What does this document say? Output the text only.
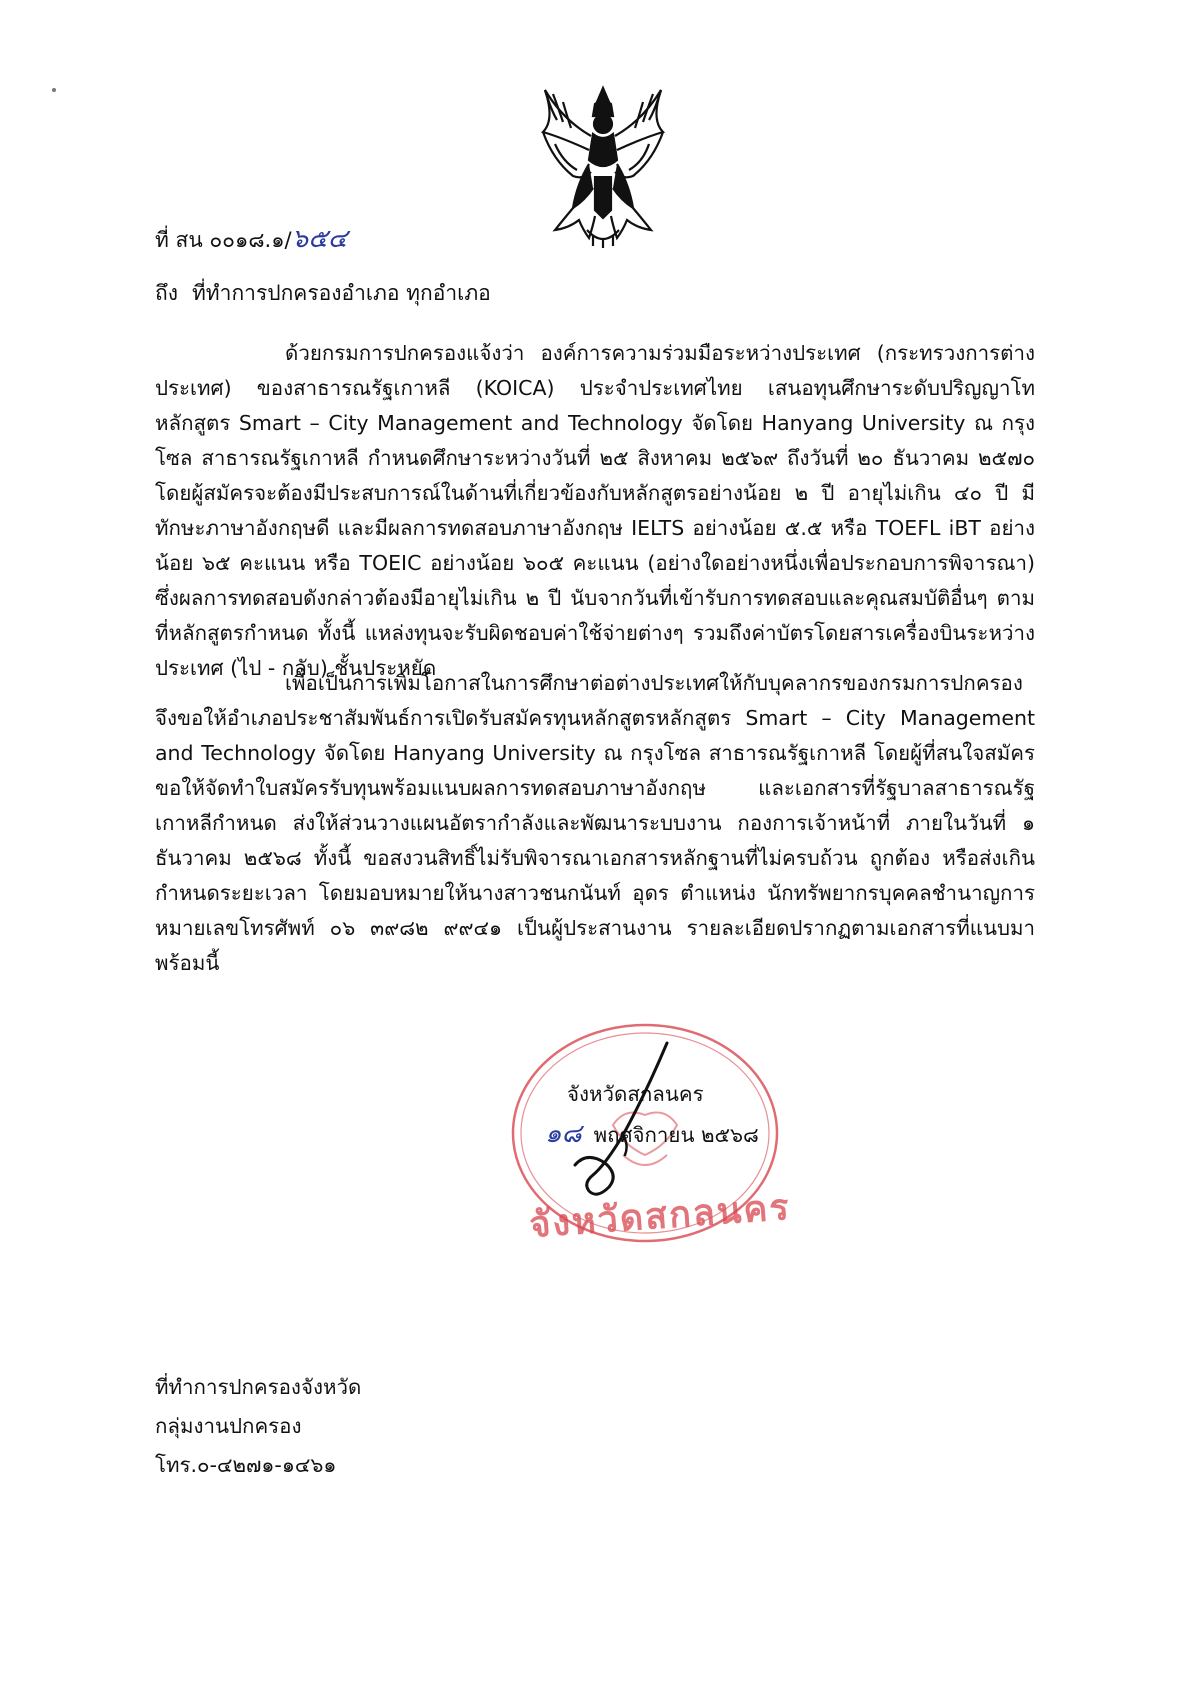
ที่ สน ๐๐๑๘.๑/๖๕๔
ถึง ที่ทำการปกครองอำเภอ ทุกอำเภอ

ด้วยกรมการปกครองแจ้งว่า องค์การความร่วมมือระหว่างประเทศ (กระทรวงการต่างประเทศ) ของสาธารณรัฐเกาหลี (KOICA) ประจำประเทศไทย เสนอทุนศึกษาระดับปริญญาโท หลักสูตร Smart – City Management and Technology จัดโดย Hanyang University ณ กรุงโซล สาธารณรัฐเกาหลี กำหนดศึกษาระหว่างวันที่ ๒๕ สิงหาคม ๒๕๖๙ ถึงวันที่ ๒๐ ธันวาคม ๒๕๗๐ โดยผู้สมัครจะต้องมีประสบการณ์ในด้านที่เกี่ยวข้องกับหลักสูตรอย่างน้อย ๒ ปี อายุไม่เกิน ๔๐ ปี มีทักษะภาษาอังกฤษดี และมีผลการทดสอบภาษาอังกฤษ IELTS อย่างน้อย ๕.๕ หรือ TOEFL iBT อย่างน้อย ๖๕ คะแนน หรือ TOEIC อย่างน้อย ๖๐๕ คะแนน (อย่างใดอย่างหนึ่งเพื่อประกอบการพิจารณา) ซึ่งผลการทดสอบดังกล่าวต้องมีอายุไม่เกิน ๒ ปี นับจากวันที่เข้ารับการทดสอบและคุณสมบัติอื่นๆ ตามที่หลักสูตรกำหนด ทั้งนี้ แหล่งทุนจะรับผิดชอบค่าใช้จ่ายต่างๆ รวมถึงค่าบัตรโดยสารเครื่องบินระหว่างประเทศ (ไป - กลับ) ชั้นประหยัด

เพื่อเป็นการเพิ่มโอกาสในการศึกษาต่อต่างประเทศให้กับบุคลากรของกรมการปกครอง จึงขอให้อำเภอประชาสัมพันธ์การเปิดรับสมัครทุนหลักสูตรหลักสูตร Smart – City Management and Technology จัดโดย Hanyang University ณ กรุงโซล สาธารณรัฐเกาหลี โดยผู้ที่สนใจสมัครขอให้จัดทำใบสมัครรับทุนพร้อมแนบผลการทดสอบภาษาอังกฤษ และเอกสารที่รัฐบาลสาธารณรัฐเกาหลีกำหนด ส่งให้ส่วนวางแผนอัตรากำลังและพัฒนาระบบงาน กองการเจ้าหน้าที่ ภายในวันที่ ๑ ธันวาคม ๒๕๖๘ ทั้งนี้ ขอสงวนสิทธิ์ไม่รับพิจารณาเอกสารหลักฐานที่ไม่ครบถ้วน ถูกต้อง หรือส่งเกินกำหนดระยะเวลา โดยมอบหมายให้นางสาวชนกนันท์ อุดร ตำแหน่ง นักทรัพยากรบุคคลชำนาญการ หมายเลขโทรศัพท์ ๐๖ ๓๙๘๒ ๙๙๔๑ เป็นผู้ประสานงาน รายละเอียดปรากฏตามเอกสารที่แนบมาพร้อมนี้

จังหวัดสกลนคร
จังหวัดสกลนคร
๑๘ พฤศจิกายน ๒๕๖๘
ที่ทำการปกครองจังหวัด
กลุ่มงานปกครอง
โทร.๐-๔๒๗๑-๑๔๖๑
